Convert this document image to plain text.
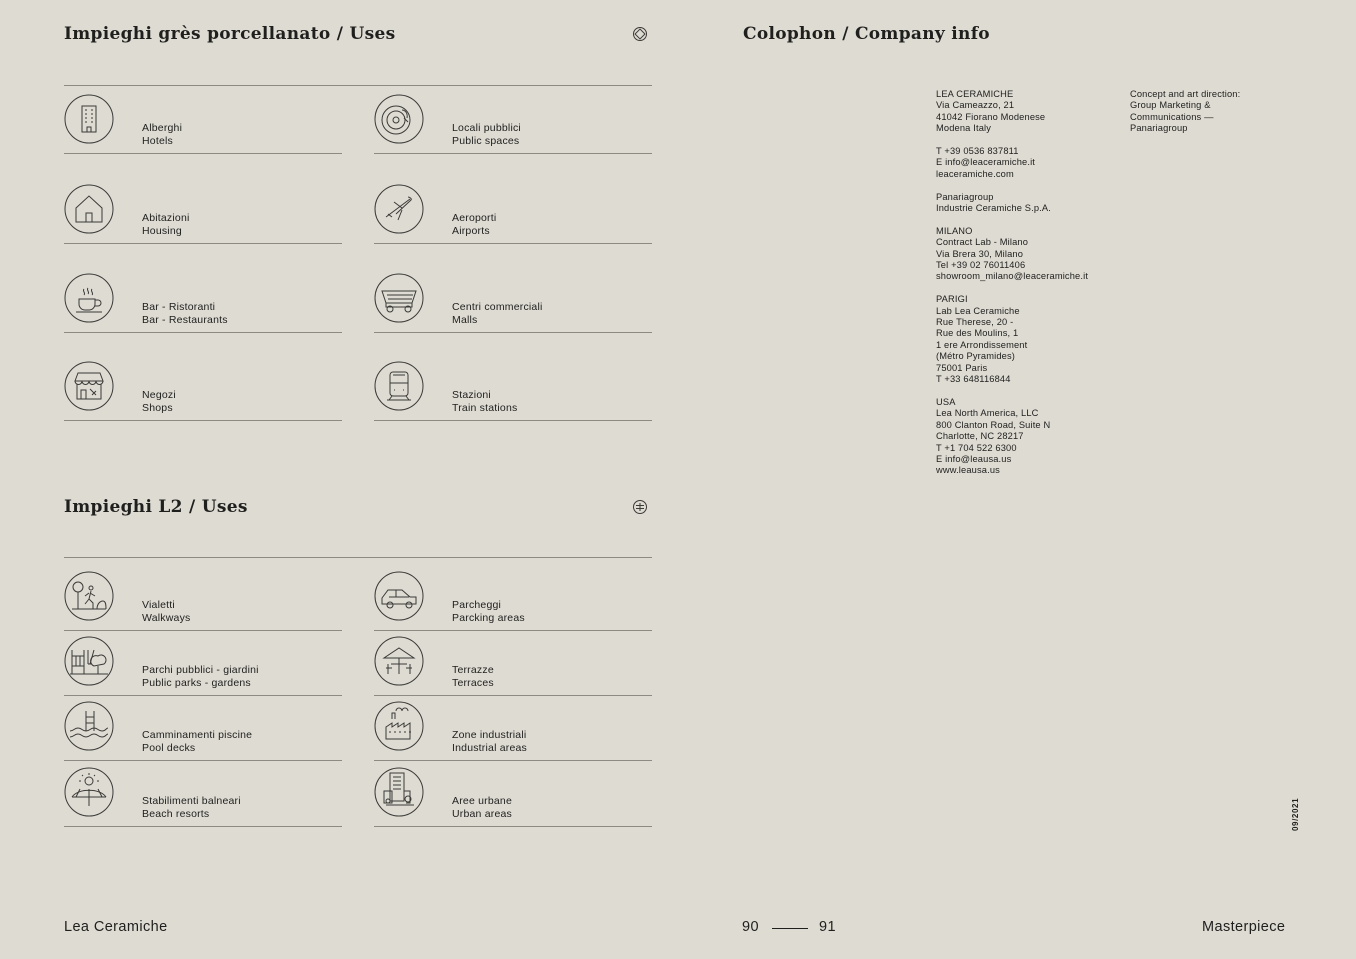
Impieghi grès porcellanato / Uses
Alberghi
Hotels
Locali pubblici
Public spaces
Abitazioni
Housing
Aeroporti
Airports
Bar - Ristoranti
Bar - Restaurants
Centri commerciali
Malls
Negozi
Shops
Stazioni
Train stations
Impieghi L2 / Uses
Vialetti
Walkways
Parcheggi
Parcking areas
Parchi pubblici - giardini
Public parks - gardens
Terrazze
Terraces
Camminamenti piscine
Pool decks
Zone industriali
Industrial areas
Stabilimenti balneari
Beach resorts
Aree urbane
Urban areas
Colophon / Company info

LEA CERAMICHE
Via Cameazzo, 21
41042 Fiorano Modenese
Modena Italy

T +39 0536 837811
E info@leaceramiche.it
leaceramiche.com

Panariagroup
Industrie Ceramiche S.p.A.

MILANO
Contract Lab - Milano
Via Brera 30, Milano
Tel +39 02 76011406
showroom_milano@leaceramiche.it

PARIGI
Lab Lea Ceramiche
Rue Therese, 20 -
Rue des Moulins, 1
1 ere Arrondissement
(Métro Pyramides)
75001 Paris
T +33 648116844

USA
Lea North America, LLC
800 Clanton Road, Suite N
Charlotte, NC 28217
T +1 704 522 6300
E info@leausa.us
www.leausa.us

Concept and art direction:
Group Marketing &
Communications —
Panariagroup

09/2021
Lea Ceramiche	90	91	Masterpiece
